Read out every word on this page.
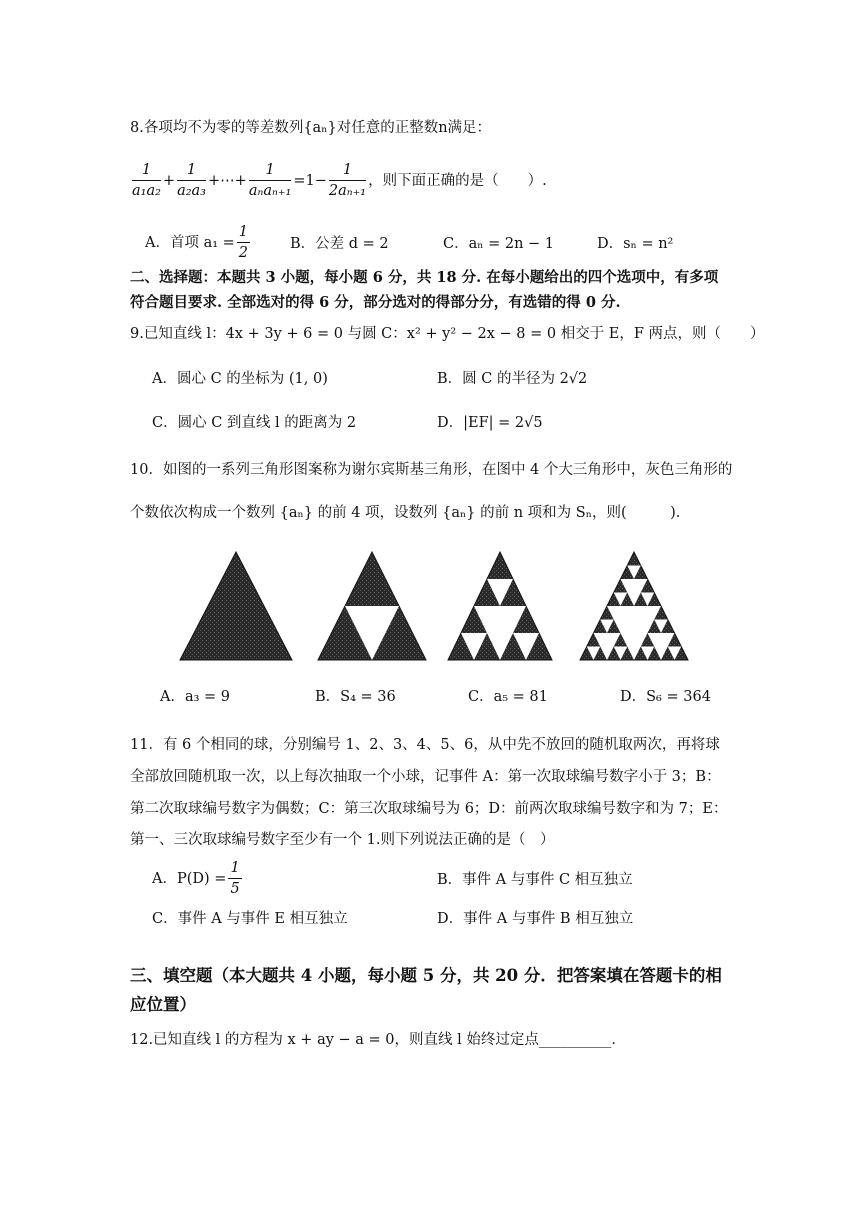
8.各项均不为零的等差数列{aₙ}对任意的正整数n满足：
$\frac{1}{\text{a₁a₂}} + \frac{1}{\text{a₂a₃}}$ +⋯+ $\frac{1}{\text{aₙaₙ₊₁}} =1- \frac{1}{\text{2aₙ₊₁}}$ ，则下面正确的是（　　）.
A．首项 $a_1 = \frac{1}{2}$	B．公差 d = 2	C．aₙ = 2n − 1	D．sₙ = n²
二、选择题：本题共 3 小题，每小题 6 分，共 18 分. 在每小题给出的四个选项中，有多项
符合题目要求. 全部选对的得 6 分，部分选对的得部分分，有选错的得 0 分.
9.已知直线 l：4x + 3y + 6 = 0 与圆 C：x² + y² − 2x − 8 = 0 相交于 E，F 两点，则（　　）
A．圆心 C 的坐标为 (1, 0)	B．圆 C 的半径为 2√2
C．圆心 C 到直线 l 的距离为 2	D．|EF| = 2√5
10．如图的一系列三角形图案称为谢尔宾斯基三角形，在图中 4 个大三角形中，灰色三角形的
个数依次构成一个数列 {aₙ} 的前 4 项，设数列 {aₙ} 的前 n 项和为 Sₙ，则(　　　).
A．a₃ = 9	B．S₄ = 36	C．a₅ = 81	D．S₆ = 364
11．有 6 个相同的球，分别编号 1、2、3、4、5、6，从中先不放回的随机取两次，再将球
全部放回随机取一次，以上每次抽取一个小球，记事件 A：第一次取球编号数字小于 3；B：
第二次取球编号数字为偶数；C：第三次取球编号为 6；D：前两次取球编号数字和为 7；E：
第一、三次取球编号数字至少有一个 1.则下列说法正确的是（　）
A．$P(D) = \frac{1}{5}$	B．事件 A 与事件 C 相互独立
C．事件 A 与事件 E 相互独立	D．事件 A 与事件 B 相互独立
三、填空题（本大题共 4 小题，每小题 5 分，共 20 分．把答案填在答题卡的相
应位置）
12.已知直线 l 的方程为 x + ay − a = 0，则直线 l 始终过定点__________．
